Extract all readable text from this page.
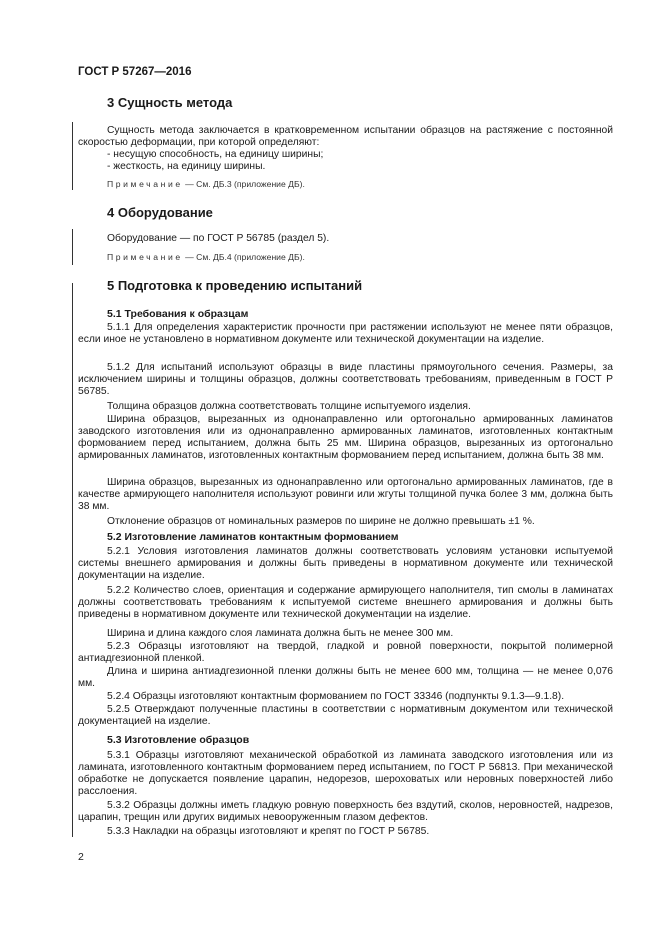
ГОСТ Р 57267—2016
3 Сущность метода

Сущность метода заключается в кратковременном испытании образцов на растяжение с постоянной скоростью деформации, при которой определяют:

- несущую способность, на единицу ширины;
- жесткость, на единицу ширины.
Примечание — См. ДБ.3 (приложение ДБ).
4 Оборудование

Оборудование — по ГОСТ Р 56785 (раздел 5).

Примечание — См. ДБ.4 (приложение ДБ).
5 Подготовка к проведению испытаний
5.1 Требования к образцам

5.1.1 Для определения характеристик прочности при растяжении используют не менее пяти образцов, если иное не установлено в нормативном документе или технической документации на изделие.

5.1.2 Для испытаний используют образцы в виде пластины прямоугольного сечения. Размеры, за исключением ширины и толщины образцов, должны соответствовать требованиям, приведенным в ГОСТ Р 56785.

Толщина образцов должна соответствовать толщине испытуемого изделия.

Ширина образцов, вырезанных из однонаправленно или ортогонально армированных ламинатов заводского изготовления или из однонаправленно армированных ламинатов, изготовленных контактным формованием перед испытанием, должна быть 25 мм. Ширина образцов, вырезанных из ортогонально армированных ламинатов, изготовленных контактным формованием перед испытанием, должна быть 38 мм.

Ширина образцов, вырезанных из однонаправленно или ортогонально армированных ламинатов, где в качестве армирующего наполнителя используют ровинги или жгуты толщиной пучка более 3 мм, должна быть 38 мм.

Отклонение образцов от номинальных размеров по ширине не должно превышать ±1 %.

5.2 Изготовление ламинатов контактным формованием

5.2.1 Условия изготовления ламинатов должны соответствовать условиям установки испытуемой системы внешнего армирования и должны быть приведены в нормативном документе или технической документации на изделие.

5.2.2 Количество слоев, ориентация и содержание армирующего наполнителя, тип смолы в ламинатах должны соответствовать требованиям к испытуемой системе внешнего армирования и должны быть приведены в нормативном документе или технической документации на изделие.

Ширина и длина каждого слоя ламината должна быть не менее 300 мм.

5.2.3 Образцы изготовляют на твердой, гладкой и ровной поверхности, покрытой полимерной антиадгезионной пленкой.

Длина и ширина антиадгезионной пленки должны быть не менее 600 мм, толщина — не менее 0,076 мм.

5.2.4 Образцы изготовляют контактным формованием по ГОСТ 33346 (подпункты 9.1.3—9.1.8).

5.2.5 Отверждают полученные пластины в соответствии с нормативным документом или технической документацией на изделие.

5.3 Изготовление образцов

5.3.1 Образцы изготовляют механической обработкой из ламината заводского изготовления или из ламината, изготовленного контактным формованием перед испытанием, по ГОСТ Р 56813. При механической обработке не допускается появление царапин, недорезов, шероховатых или неровных поверхностей либо расслоения.

5.3.2 Образцы должны иметь гладкую ровную поверхность без вздутий, сколов, неровностей, надрезов, царапин, трещин или других видимых невооруженным глазом дефектов.

5.3.3 Накладки на образцы изготовляют и крепят по ГОСТ Р 56785.

2
